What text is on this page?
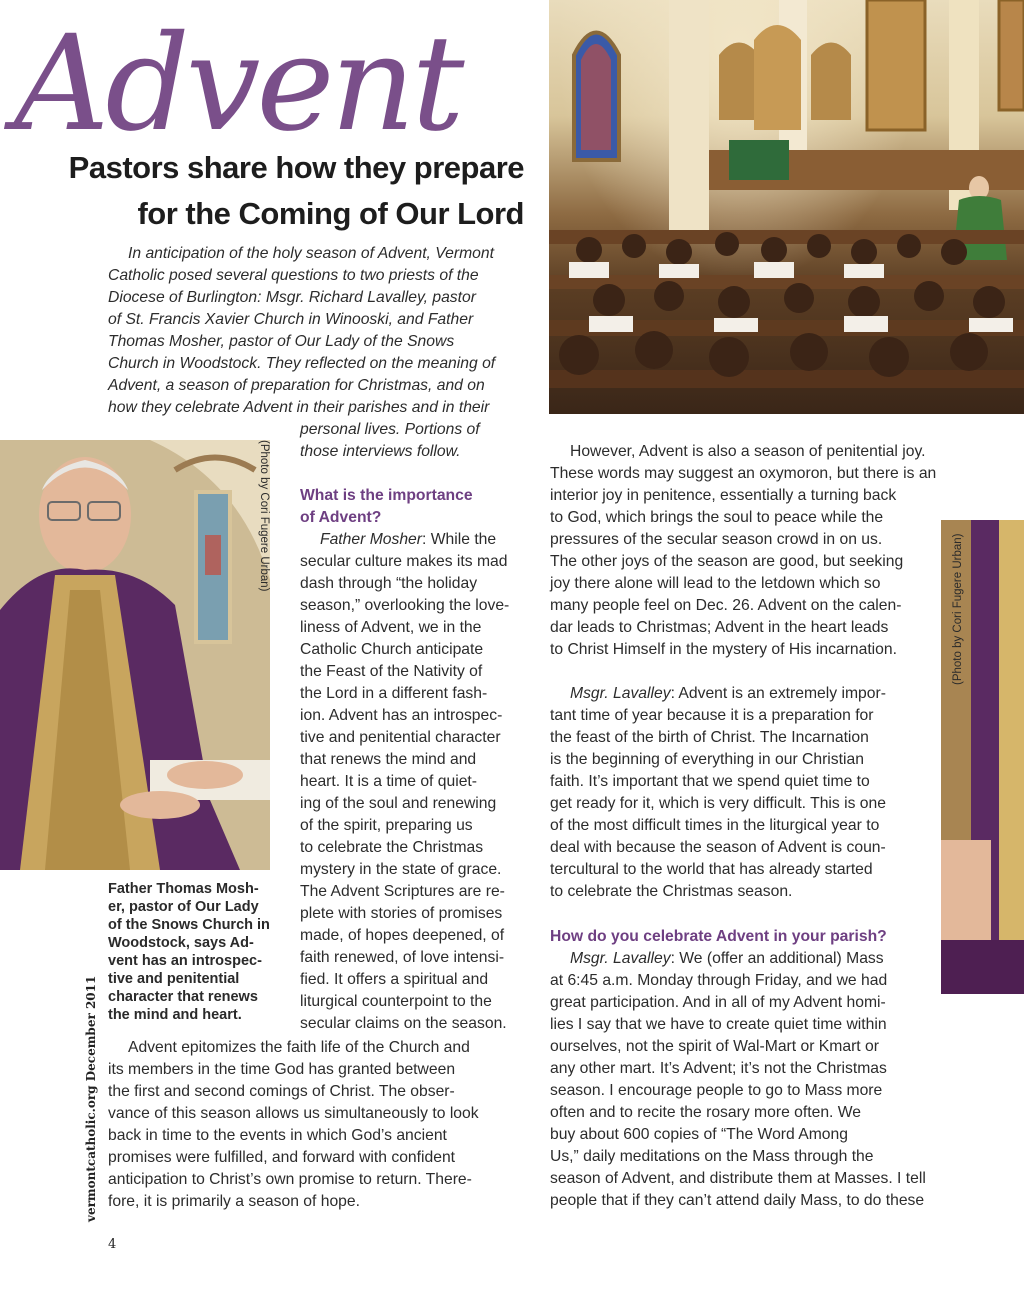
Advent
Pastors share how they prepare
for the Coming of Our Lord
(Photo by Cori Fugere Urban)
(Photo by Cori Fugere Urban)
In anticipation of the holy season of Advent, Vermont
Catholic posed several questions to two priests of the
Diocese of Burlington: Msgr. Richard Lavalley, pastor
of St. Francis Xavier Church in Winooski, and Father
Thomas Mosher, pastor of Our Lady of the Snows
Church in Woodstock. They reflected on the meaning of
Advent, a season of preparation for Christmas, and on
how they celebrate Advent in their parishes and in their
personal lives. Portions of
those interviews follow.
What is the importance
of Advent?
Father Mosher: While the
secular culture makes its mad
dash through “the holiday
season,” overlooking the love-
liness of Advent, we in the
Catholic Church anticipate
the Feast of the Nativity of
the Lord in a different fash-
ion. Advent has an introspec-
tive and penitential character
that renews the mind and
heart. It is a time of quiet-
ing of the soul and renewing
of the spirit, preparing us
to celebrate the Christmas
mystery in the state of grace.
The Advent Scriptures are re-
plete with stories of promises
made, of hopes deepened, of
faith renewed, of love intensi-
fied. It offers a spiritual and
liturgical counterpoint to the
secular claims on the season.
Father Thomas Mosh-
er, pastor of Our Lady
of the Snows Church in
Woodstock, says Ad-
vent has an introspec-
tive and penitential
character that renews
the mind and heart.
Advent epitomizes the faith life of the Church and
its members in the time God has granted between
the first and second comings of Christ. The obser-
vance of this season allows us simultaneously to look
back in time to the events in which God’s ancient
promises were fulfilled, and forward with confident
anticipation to Christ’s own promise to return. There-
fore, it is primarily a season of hope.
However, Advent is also a season of penitential joy.
These words may suggest an oxymoron, but there is an
interior joy in penitence, essentially a turning back
to God, which brings the soul to peace while the
pressures of the secular season crowd in on us.
The other joys of the season are good, but seeking
joy there alone will lead to the letdown which so
many people feel on Dec. 26. Advent on the calen-
dar leads to Christmas; Advent in the heart leads
to Christ Himself in the mystery of His incarnation.
Msgr. Lavalley: Advent is an extremely impor-
tant time of year because it is a preparation for
the feast of the birth of Christ. The Incarnation
is the beginning of everything in our Christian
faith. It’s important that we spend quiet time to
get ready for it, which is very difficult. This is one
of the most difficult times in the liturgical year to
deal with because the season of Advent is coun-
tercultural to the world that has already started
to celebrate the Christmas season.
How do you celebrate Advent in your parish?
Msgr. Lavalley: We (offer an additional) Mass
at 6:45 a.m. Monday through Friday, and we had
great participation. And in all of my Advent homi-
lies I say that we have to create quiet time within
ourselves, not the spirit of Wal-Mart or Kmart or
any other mart. It’s Advent; it’s not the Christmas
season. I encourage people to go to Mass more
often and to recite the rosary more often. We
buy about 600 copies of “The Word Among
Us,” daily meditations on the Mass through the
season of Advent, and distribute them at Masses. I tell
people that if they can’t attend daily Mass, to do these
vermontcatholic.org December 2011
4
